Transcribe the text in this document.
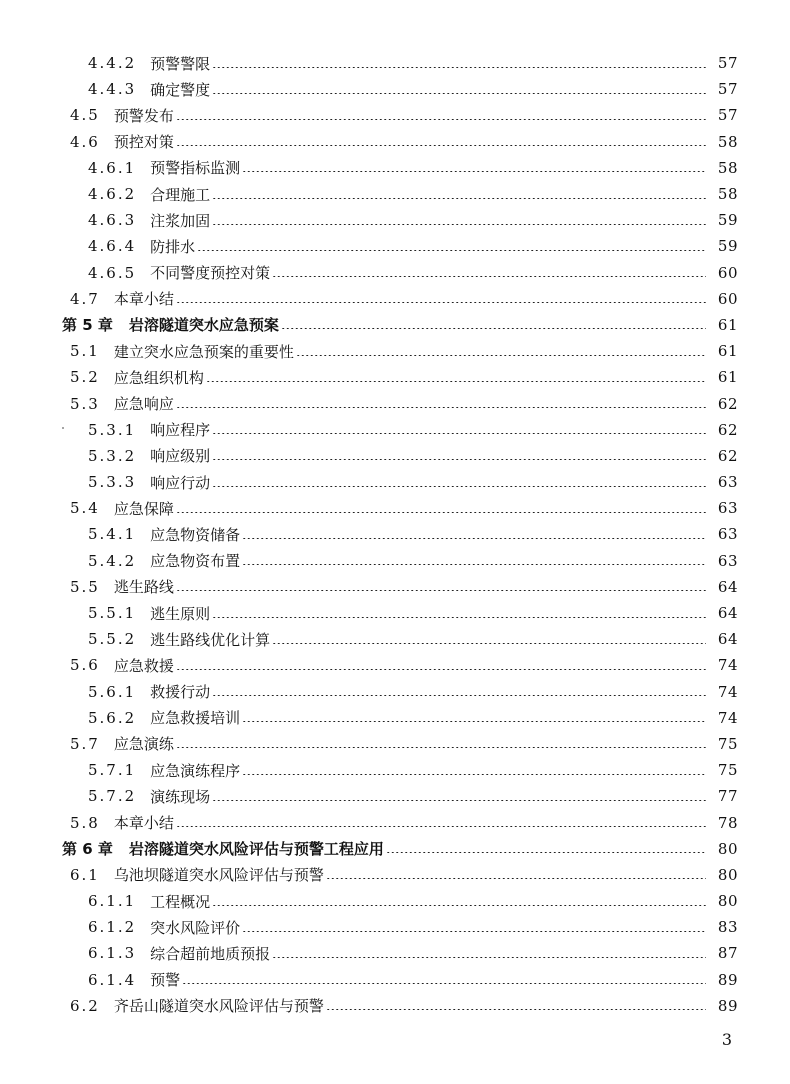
4.4.2 预警警限	57
4.4.3 确定警度	57
4.5 预警发布	57
4.6 预控对策	58
4.6.1 预警指标监测	58
4.6.2 合理施工	58
4.6.3 注浆加固	59
4.6.4 防排水	59
4.6.5 不同警度预控对策	60
4.7 本章小结	60
第 5 章 岩溶隧道突水应急预案	61
5.1 建立突水应急预案的重要性	61
5.2 应急组织机构	61
5.3 应急响应	62
5.3.1 响应程序	62
5.3.2 响应级别	62
5.3.3 响应行动	63
5.4 应急保障	63
5.4.1 应急物资储备	63
5.4.2 应急物资布置	63
5.5 逃生路线	64
5.5.1 逃生原则	64
5.5.2 逃生路线优化计算	64
5.6 应急救援	74
5.6.1 救援行动	74
5.6.2 应急救援培训	74
5.7 应急演练	75
5.7.1 应急演练程序	75
5.7.2 演练现场	77
5.8 本章小结	78
第 6 章 岩溶隧道突水风险评估与预警工程应用	80
6.1 乌池坝隧道突水风险评估与预警	80
6.1.1 工程概况	80
6.1.2 突水风险评价	83
6.1.3 综合超前地质预报	87
6.1.4 预警	89
6.2 齐岳山隧道突水风险评估与预警	89
3
